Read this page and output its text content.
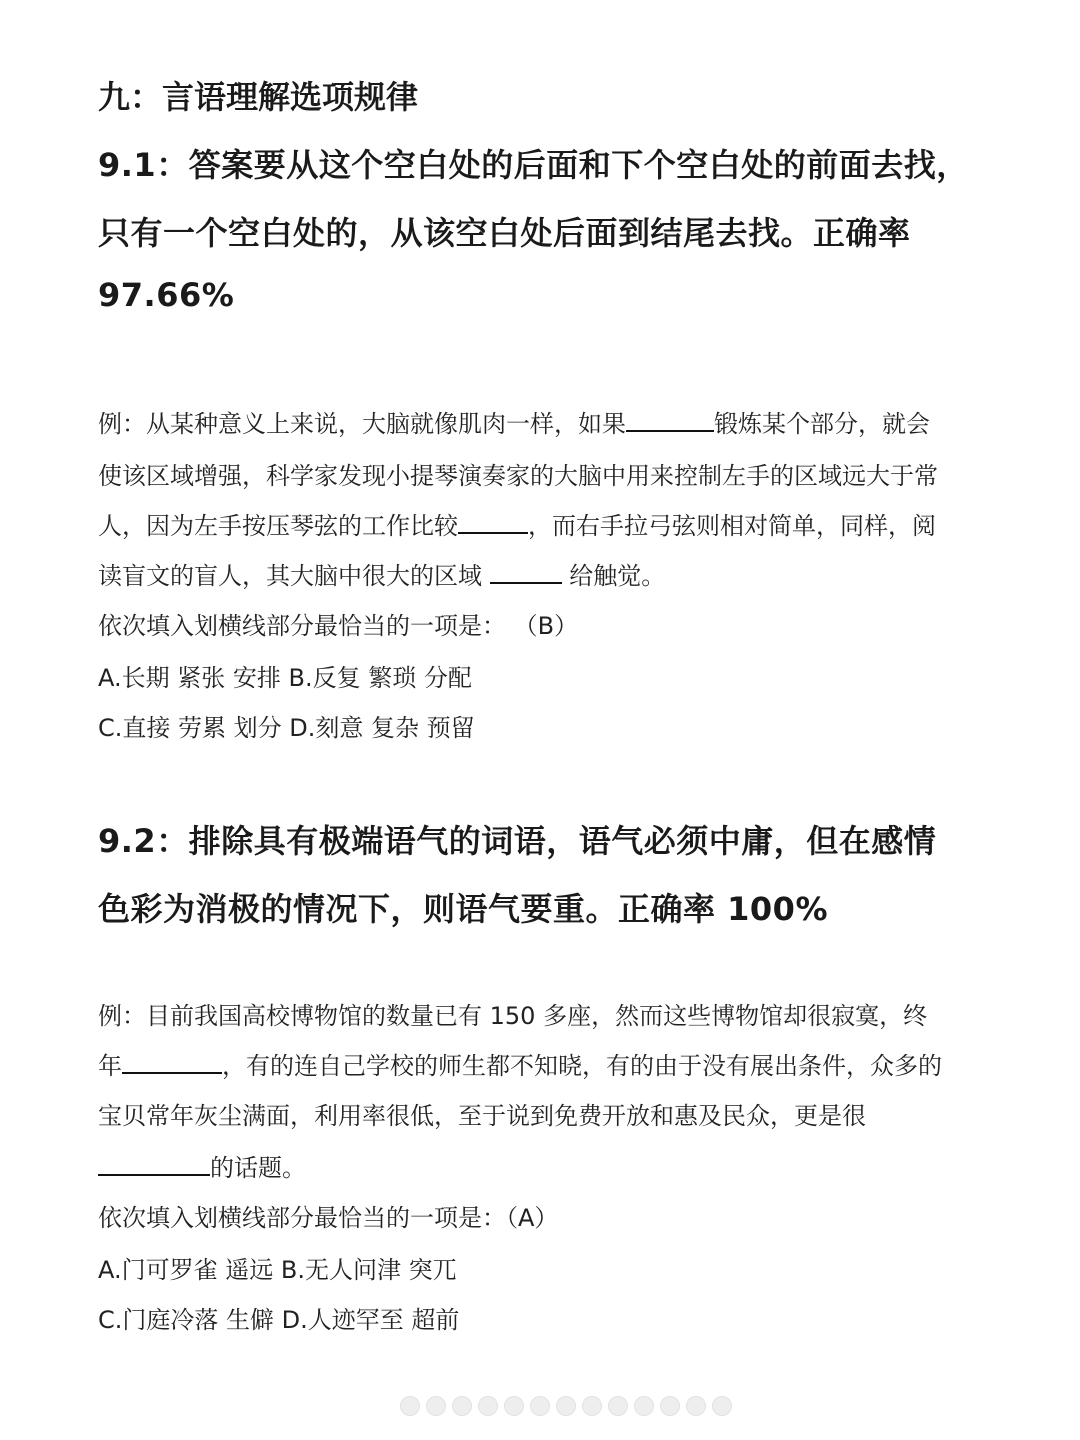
九：言语理解选项规律
9.1：答案要从这个空白处的后面和下个空白处的前面去找，
只有一个空白处的，从该空白处后面到结尾去找。正确率
97.66%
例：从某种意义上来说，大脑就像肌肉一样，如果	锻炼某个部分，就会
使该区域增强，科学家发现小提琴演奏家的大脑中用来控制左手的区域远大于常
人，因为左手按压琴弦的工作比较	，而右手拉弓弦则相对简单，同样，阅
读盲文的盲人，其大脑中很大的区域	给触觉。
依次填入划横线部分最恰当的一项是： （B）
A.长期 紧张 安排 B.反复 繁琐 分配
C.直接 劳累 划分 D.刻意 复杂 预留
9.2：排除具有极端语气的词语，语气必须中庸，但在感情
色彩为消极的情况下，则语气要重。正确率 100%
例：目前我国高校博物馆的数量已有 150 多座，然而这些博物馆却很寂寞，终
年	，有的连自己学校的师生都不知晓，有的由于没有展出条件，众多的
宝贝常年灰尘满面，利用率很低，至于说到免费开放和惠及民众，更是很
的话题。
依次填入划横线部分最恰当的一项是：（A）
A.门可罗雀 遥远 B.无人问津 突兀
C.门庭冷落 生僻 D.人迹罕至 超前
